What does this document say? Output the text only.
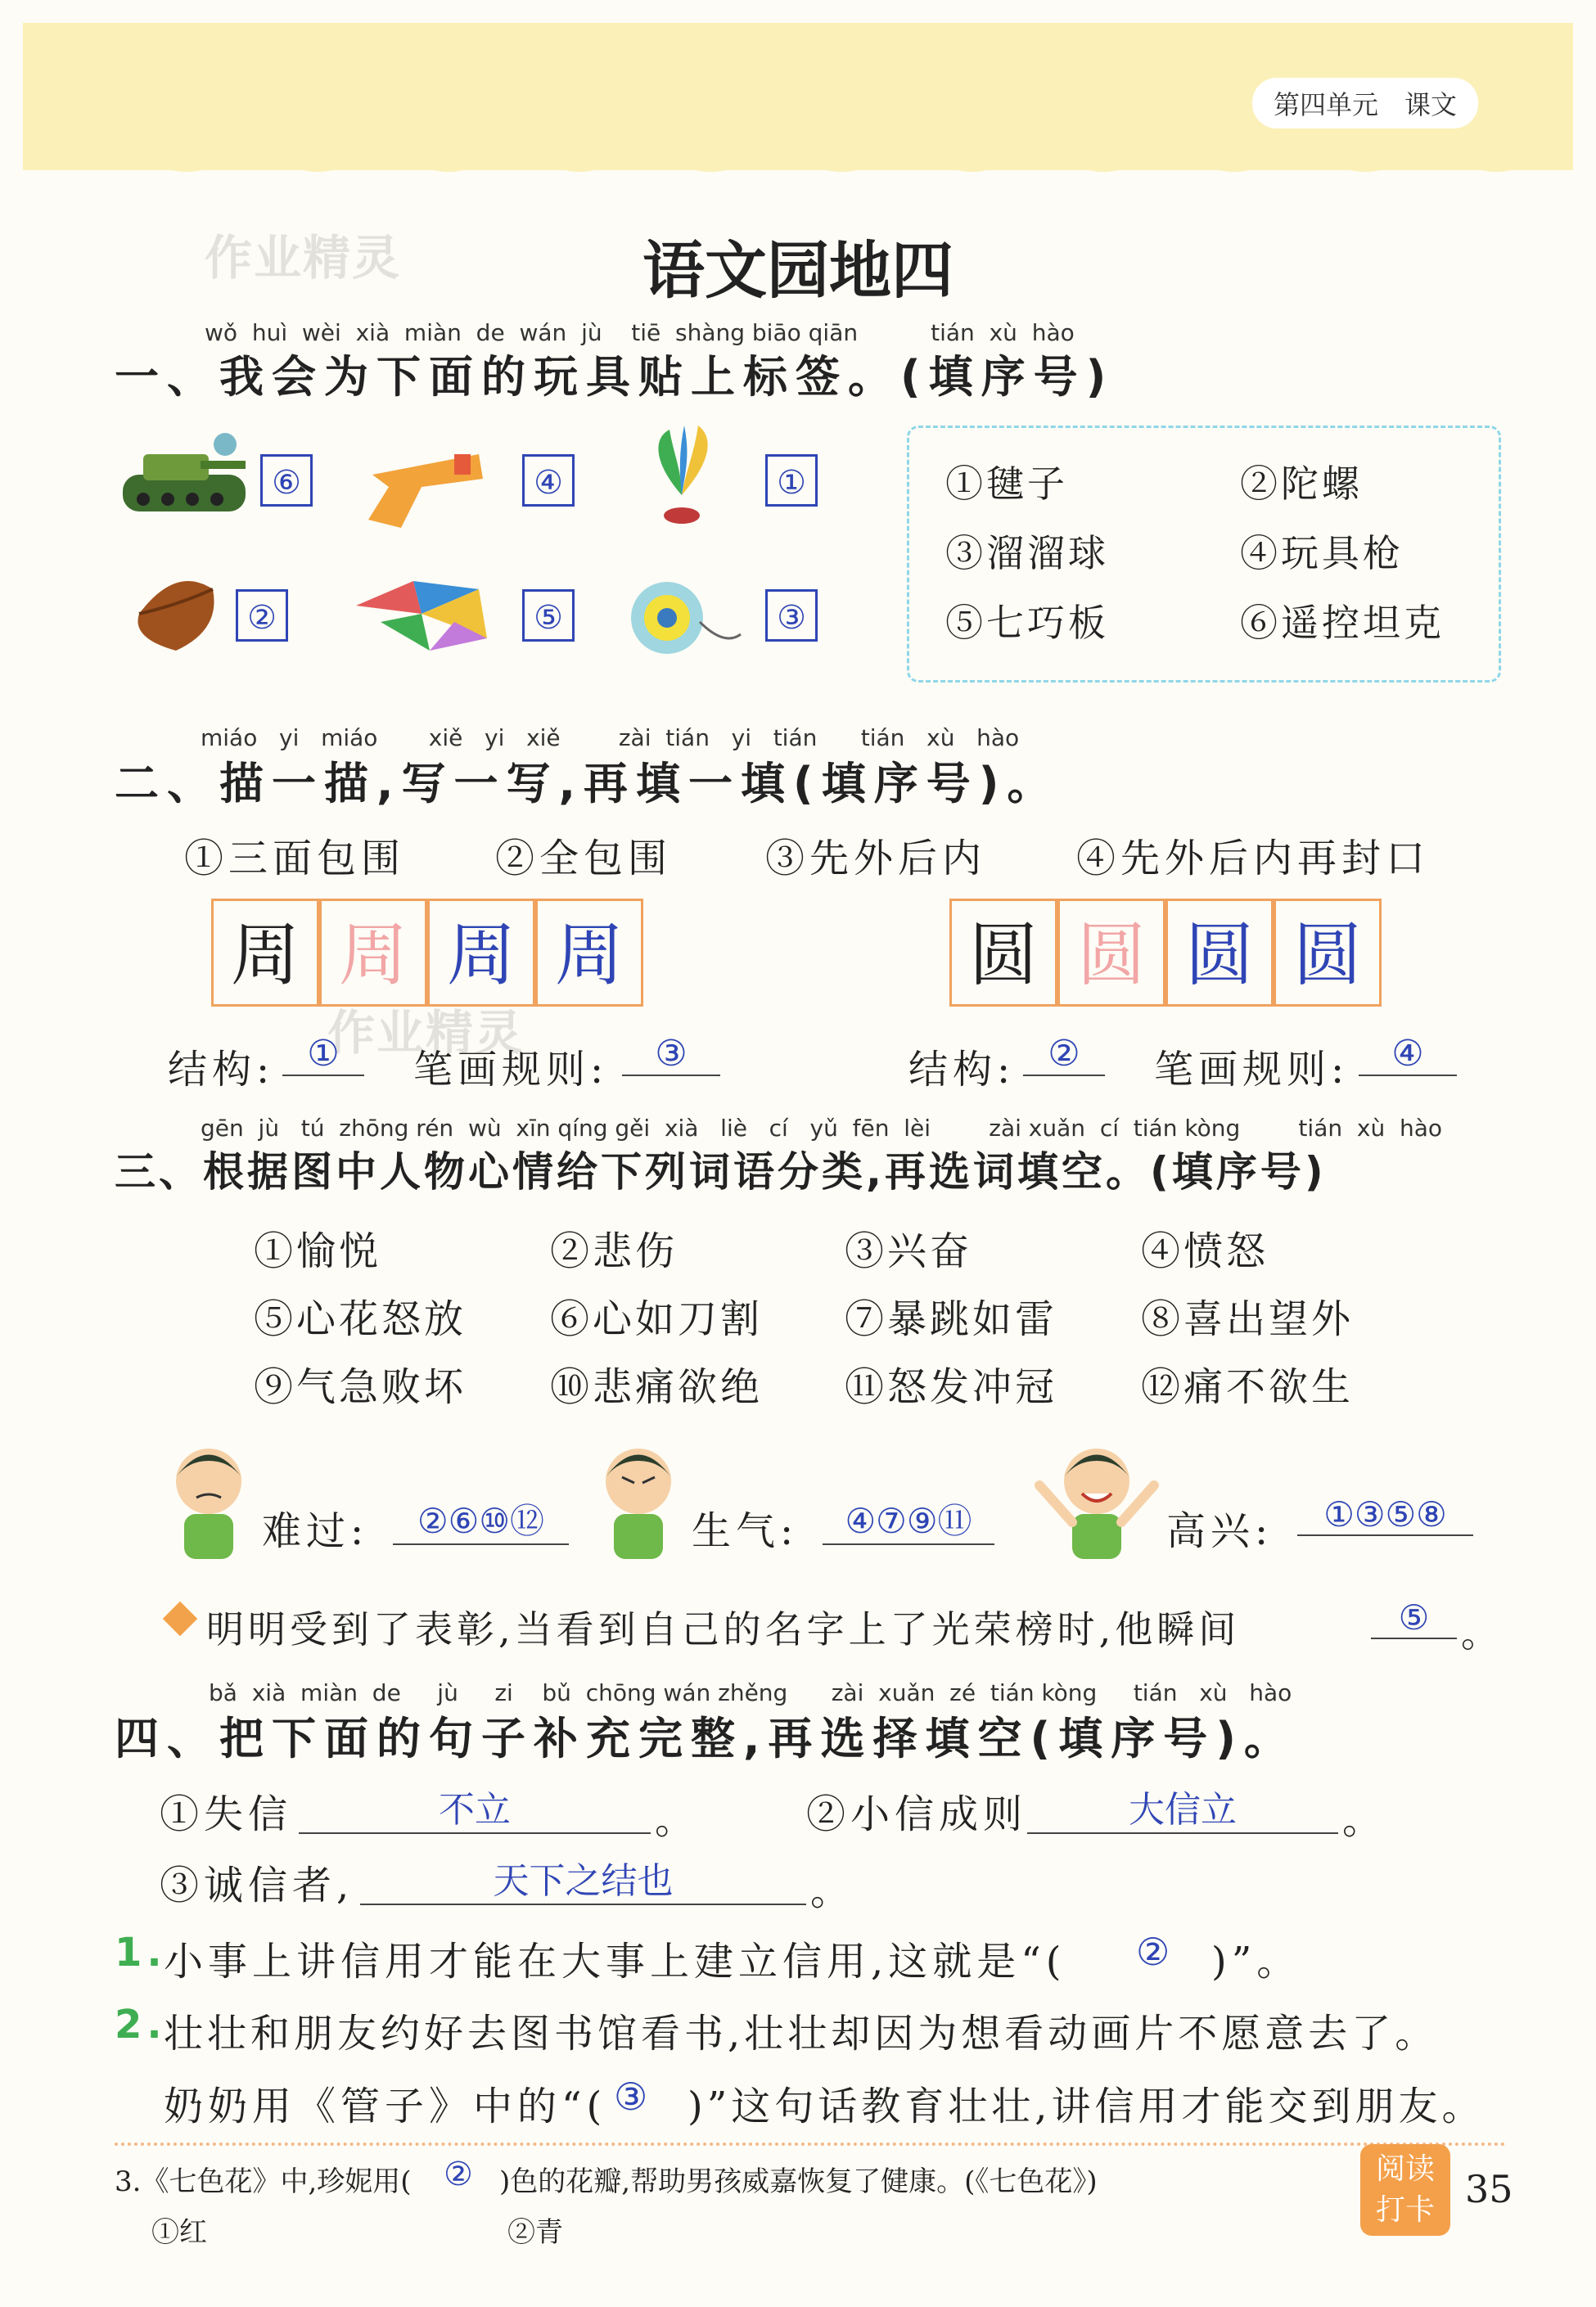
第四单元　课文
作业精灵	语文园地四
wǒ  huì  wèi  xià  miàn  de  wán  jù    tiē  shàng biāo qiān          tián  xù  hào
一、我会为下面的玩具贴上标签。(填序号)
⑥	④	①
②	⑤	③
①毽子	②陀螺
③溜溜球	④玩具枪
⑤七巧板	⑥遥控坦克
miáo   yi   miáo       xiě   yi   xiě        zài  tián   yi   tián      tián   xù   hào
二、描一描,写一写,再填一填(填序号)。
①三面包围 ②全包围 ③先外后内 ④先外后内再封口
周 周 周 周	圆 圆 圆 圆
作业精灵
结构: ①	笔画规则:	③	结构: ②	笔画规则:	④
gēn  jù   tú  zhōng rén  wù  xīn qíng gěi  xià   liè   cí   yǔ  fēn  lèi        zài xuǎn  cí  tián kòng        tián  xù  hào
三、根据图中人物心情给下列词语分类,再选词填空。(填序号)
①愉悦	②悲伤	③兴奋	④愤怒
⑤心花怒放 ⑥心如刀割 ⑦暴跳如雷 ⑧喜出望外
⑨气急败坏 ⑩悲痛欲绝 ⑪怒发冲冠 ⑫痛不欲生
难过:	②⑥⑩⑫	生气:	④⑦⑨⑪	高兴:	①③⑤⑧
明明受到了表彰,当看到自己的名字上了光荣榜时,他瞬间	⑤ 。
bǎ  xià  miàn  de     jù     zi    bǔ  chōng wán zhěng      zài  xuǎn  zé  tián kòng     tián   xù   hào
四、把下面的句子补充完整,再选择填空(填序号)。
①失信	不立	。	②小信成则	大信立	。
③诚信者,	天下之结也	。
1.
小事上讲信用才能在大事上建立信用,这就是“( ② )”。
2.
壮壮和朋友约好去图书馆看书,壮壮却因为想看动画片不愿意去了。
奶奶用《管子》中的“( ③ )”这句话教育壮壮,讲信用才能交到朋友。
3.《七色花》中,珍妮用( ② )色的花瓣,帮助男孩威嘉恢复了健康。(《七色花》)
①红	②青
阅读
打卡 35
